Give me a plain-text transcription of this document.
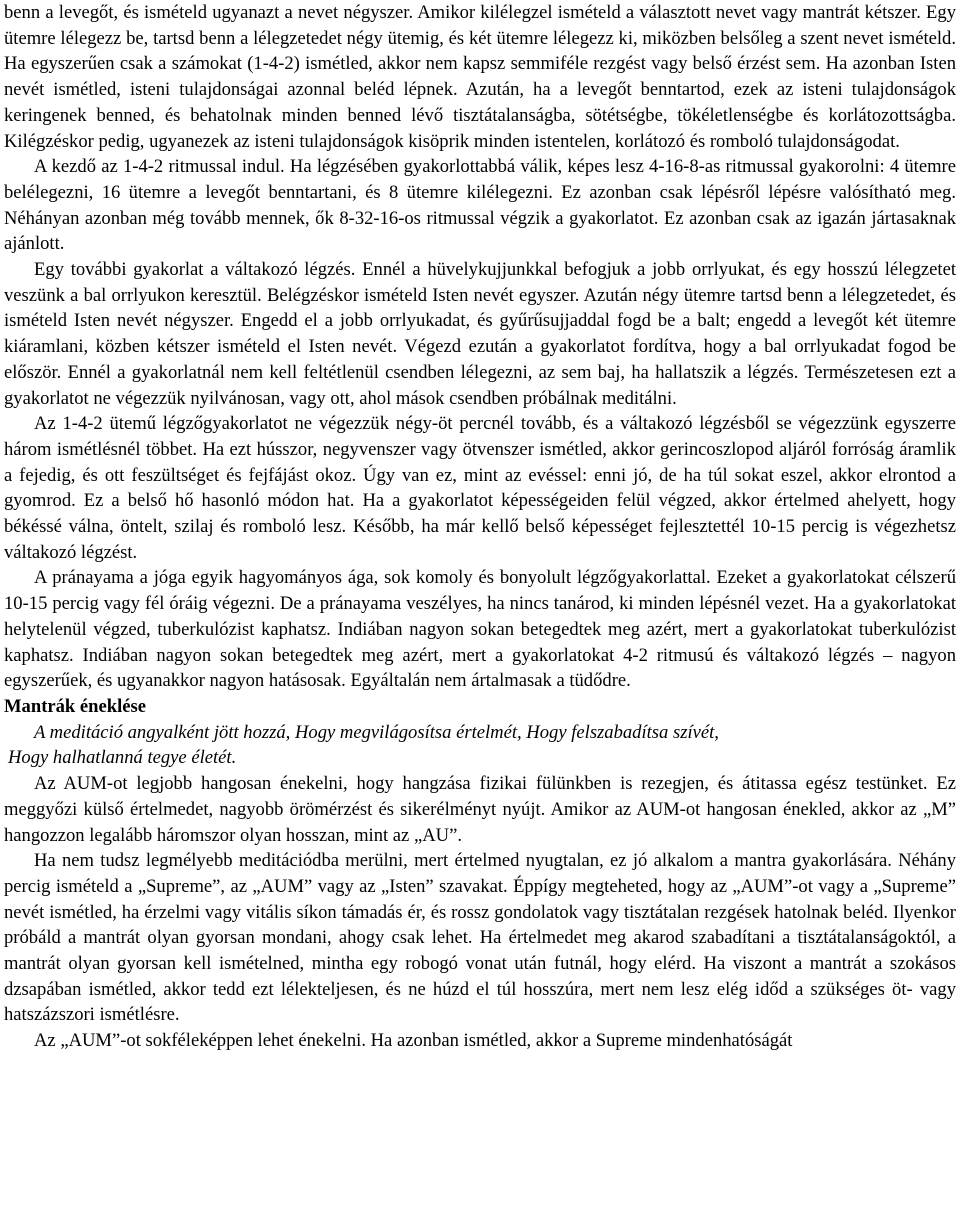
benn a levegőt, és ismételd ugyanazt a nevet négyszer. Amikor kilélegzel ismételd a választott nevet vagy mantrát kétszer. Egy ütemre lélegezz be, tartsd benn a lélegzetedet négy ütemig, és két ütemre lélegezz ki, miközben belsőleg a szent nevet ismételd. Ha egyszerűen csak a számokat (1-4-2) ismétled, akkor nem kapsz semmiféle rezgést vagy belső érzést sem. Ha azonban Isten nevét ismétled, isteni tulajdonságai azonnal beléd lépnek. Azután, ha a levegőt benntartod, ezek az isteni tulajdonságok keringenek benned, és behatolnak minden benned lévő tisztátalanságba, sötétségbe, tökéletlenségbe és korlátozottságba. Kilégzéskor pedig, ugyanezek az isteni tulajdonságok kisöprik minden istentelen, korlátozó és romboló tulajdonságodat.

A kezdő az 1-4-2 ritmussal indul. Ha légzésében gyakorlottabbá válik, képes lesz 4-16-8-as ritmussal gyakorolni: 4 ütemre belélegezni, 16 ütemre a levegőt benntartani, és 8 ütemre kilélegezni. Ez azonban csak lépésről lépésre valósítható meg. Néhányan azonban még tovább mennek, ők 8-32-16-os ritmussal végzik a gyakorlatot. Ez azonban csak az igazán jártasaknak ajánlott.

Egy további gyakorlat a váltakozó légzés. Ennél a hüvelykujjunkkal befogjuk a jobb orrlyukat, és egy hosszú lélegzetet veszünk a bal orrlyukon keresztül. Belégzéskor ismételd Isten nevét egyszer. Azután négy ütemre tartsd benn a lélegzetedet, és ismételd Isten nevét négyszer. Engedd el a jobb orrlyukadat, és gyűrűsujjaddal fogd be a balt; engedd a levegőt két ütemre kiáramlani, közben kétszer ismételd el Isten nevét. Végezd ezután a gyakorlatot fordítva, hogy a bal orrlyukadat fogod be először. Ennél a gyakorlatnál nem kell feltétlenül csendben lélegezni, az sem baj, ha hallatszik a légzés. Természetesen ezt a gyakorlatot ne végezzük nyilvánosan, vagy ott, ahol mások csendben próbálnak meditálni.

Az 1-4-2 ütemű légzőgyakorlatot ne végezzük négy-öt percnél tovább, és a váltakozó légzésből se végezzünk egyszerre három ismétlésnél többet. Ha ezt hússzor, negyvenszer vagy ötvenszer ismétled, akkor gerincoszlopod aljáról forróság áramlik a fejedig, és ott feszültséget és fejfájást okoz. Úgy van ez, mint az evéssel: enni jó, de ha túl sokat eszel, akkor elrontod a gyomrod. Ez a belső hő hasonló módon hat. Ha a gyakorlatot képességeiden felül végzed, akkor értelmed ahelyett, hogy békéssé válna, öntelt, szilaj és romboló lesz. Később, ha már kellő belső képességet fejlesztettél 10-15 percig is végezhetsz váltakozó légzést.

A pránayama a jóga egyik hagyományos ága, sok komoly és bonyolult légzőgyakorlattal. Ezeket a gyakorlatokat célszerű 10-15 percig vagy fél óráig végezni. De a pránayama veszélyes, ha nincs tanárod, ki minden lépésnél vezet. Ha a gyakorlatokat helytelenül végzed, tuberkulózist kaphatsz. Indiában nagyon sokan betegedtek meg azért, mert a gyakorlatokat tuberkulózist kaphatsz. Indiában nagyon sokan betegedtek meg azért, mert a gyakorlatokat 4-2 ritmusú és váltakozó légzés – nagyon egyszerűek, és ugyanakkor nagyon hatásosak. Egyáltalán nem ártalmasak a tüdődre.

Mantrák éneklése

A meditáció angyalként jött hozzá, Hogy megvilágosítsa értelmét, Hogy felszabadítsa szívét,

Hogy halhatlanná tegye életét.

Az AUM-ot legjobb hangosan énekelni, hogy hangzása fizikai fülünkben is rezegjen, és átitassa egész testünket. Ez meggyőzi külső értelmedet, nagyobb örömérzést és sikerélményt nyújt. Amikor az AUM-ot hangosan énekled, akkor az „M” hangozzon legalább háromszor olyan hosszan, mint az „AU”.

Ha nem tudsz legmélyebb meditációdba merülni, mert értelmed nyugtalan, ez jó alkalom a mantra gyakorlására. Néhány percig ismételd a „Supreme”, az „AUM” vagy az „Isten” szavakat. Éppígy megteheted, hogy az „AUM”-ot vagy a „Supreme” nevét ismétled, ha érzelmi vagy vitális síkon támadás ér, és rossz gondolatok vagy tisztátalan rezgések hatolnak beléd. Ilyenkor próbáld a mantrát olyan gyorsan mondani, ahogy csak lehet. Ha értelmedet meg akarod szabadítani a tisztátalanságoktól, a mantrát olyan gyorsan kell ismételned, mintha egy robogó vonat után futnál, hogy elérd. Ha viszont a mantrát a szokásos dzsapában ismétled, akkor tedd ezt lélekteljesen, és ne húzd el túl hosszúra, mert nem lesz elég időd a szükséges öt- vagy hatszázszori ismétlésre.

Az „AUM”-ot sokféleképpen lehet énekelni. Ha azonban ismétled, akkor a Supreme mindenhatóságát
